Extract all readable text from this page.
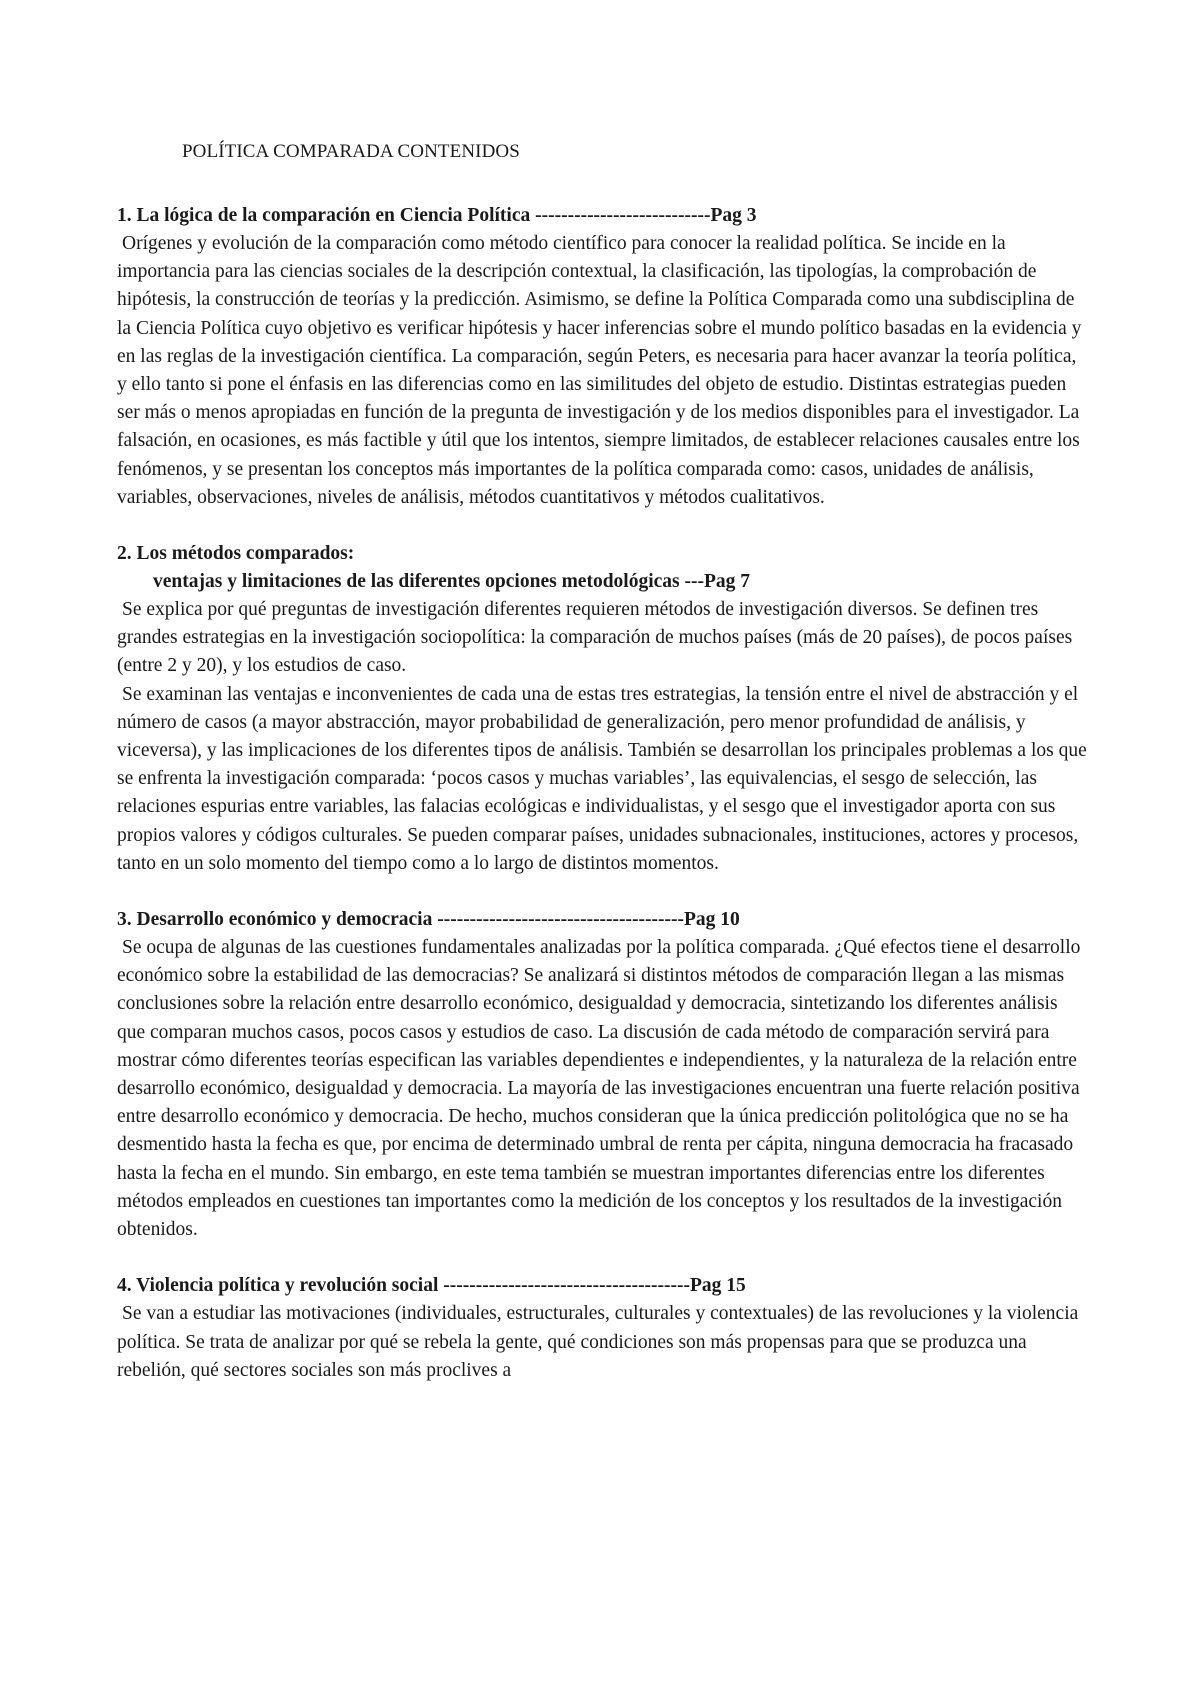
POLÍTICA COMPARADA CONTENIDOS

1. La lógica de la comparación en Ciencia Política ---------------------------Pag 3

Orígenes y evolución de la comparación como método científico para conocer la realidad política. Se incide en la importancia para las ciencias sociales de la descripción contextual, la clasificación, las tipologías, la comprobación de hipótesis, la construcción de teorías y la predicción. Asimismo, se define la Política Comparada como una subdisciplina de la Ciencia Política cuyo objetivo es verificar hipótesis y hacer inferencias sobre el mundo político basadas en la evidencia y en las reglas de la investigación científica. La comparación, según Peters, es necesaria para hacer avanzar la teoría política, y ello tanto si pone el énfasis en las diferencias como en las similitudes del objeto de estudio. Distintas estrategias pueden ser más o menos apropiadas en función de la pregunta de investigación y de los medios disponibles para el investigador. La falsación, en ocasiones, es más factible y útil que los intentos, siempre limitados, de establecer relaciones causales entre los fenómenos, y se presentan los conceptos más importantes de la política comparada como: casos, unidades de análisis, variables, observaciones, niveles de análisis, métodos cuantitativos y métodos cualitativos.

2. Los métodos comparados:

ventajas y limitaciones de las diferentes opciones metodológicas ---Pag 7

Se explica por qué preguntas de investigación diferentes requieren métodos de investigación diversos. Se definen tres grandes estrategias en la investigación sociopolítica: la comparación de muchos países (más de 20 países), de pocos países (entre 2 y 20), y los estudios de caso.

Se examinan las ventajas e inconvenientes de cada una de estas tres estrategias, la tensión entre el nivel de abstracción y el número de casos (a mayor abstracción, mayor probabilidad de generalización, pero menor profundidad de análisis, y viceversa), y las implicaciones de los diferentes tipos de análisis. También se desarrollan los principales problemas a los que se enfrenta la investigación comparada: ‘pocos casos y muchas variables’, las equivalencias, el sesgo de selección, las relaciones espurias entre variables, las falacias ecológicas e individualistas, y el sesgo que el investigador aporta con sus propios valores y códigos culturales. Se pueden comparar países, unidades subnacionales, instituciones, actores y procesos, tanto en un solo momento del tiempo como a lo largo de distintos momentos.

3. Desarrollo económico y democracia --------------------------------------Pag 10

Se ocupa de algunas de las cuestiones fundamentales analizadas por la política comparada. ¿Qué efectos tiene el desarrollo económico sobre la estabilidad de las democracias? Se analizará si distintos métodos de comparación llegan a las mismas conclusiones sobre la relación entre desarrollo económico, desigualdad y democracia, sintetizando los diferentes análisis que comparan muchos casos, pocos casos y estudios de caso. La discusión de cada método de comparación servirá para mostrar cómo diferentes teorías especifican las variables dependientes e independientes, y la naturaleza de la relación entre desarrollo económico, desigualdad y democracia. La mayoría de las investigaciones encuentran una fuerte relación positiva entre desarrollo económico y democracia. De hecho, muchos consideran que la única predicción politológica que no se ha desmentido hasta la fecha es que, por encima de determinado umbral de renta per cápita, ninguna democracia ha fracasado hasta la fecha en el mundo. Sin embargo, en este tema también se muestran importantes diferencias entre los diferentes métodos empleados en cuestiones tan importantes como la medición de los conceptos y los resultados de la investigación obtenidos.

4. Violencia política y revolución social --------------------------------------Pag 15

Se van a estudiar las motivaciones (individuales, estructurales, culturales y contextuales) de las revoluciones y la violencia política. Se trata de analizar por qué se rebela la gente, qué condiciones son más propensas para que se produzca una rebelión, qué sectores sociales son más proclives a
